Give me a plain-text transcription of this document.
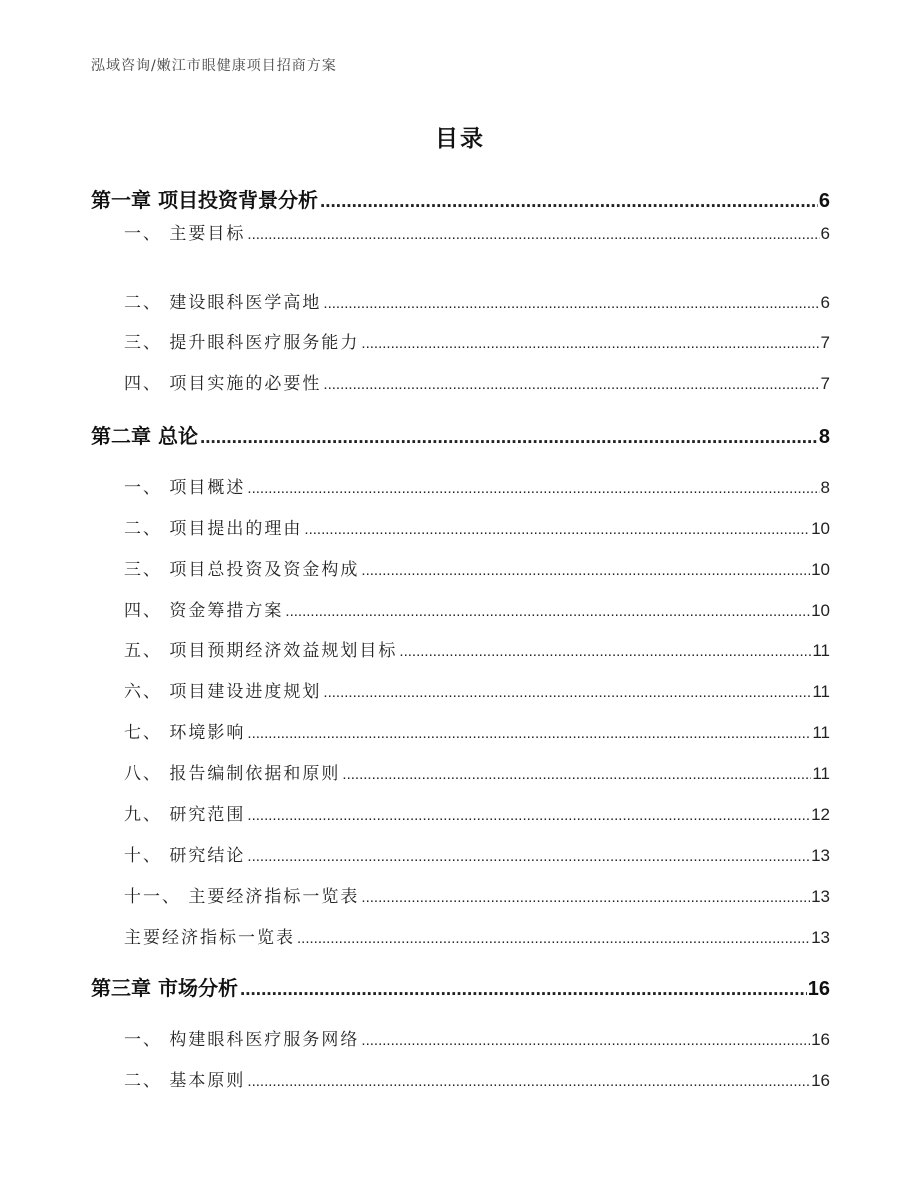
泓域咨询/嫩江市眼健康项目招商方案
目录
第一章 项目投资背景分析 .....	6
一、 主要目标 .....	6
二、 建设眼科医学高地 .....	6
三、 提升眼科医疗服务能力 .....	7
四、 项目实施的必要性 .....	7
第二章 总论 .....	8
一、 项目概述 .....	8
二、 项目提出的理由 .....	10
三、 项目总投资及资金构成 .....	10
四、 资金筹措方案 .....	10
五、 项目预期经济效益规划目标 .....	11
六、 项目建设进度规划 .....	11
七、 环境影响 .....	11
八、 报告编制依据和原则 .....	11
九、 研究范围 .....	12
十、 研究结论 .....	13
十一、 主要经济指标一览表 .....	13
主要经济指标一览表 .....	13
第三章 市场分析 .....	16
一、 构建眼科医疗服务网络 .....	16
二、 基本原则 .....	16
